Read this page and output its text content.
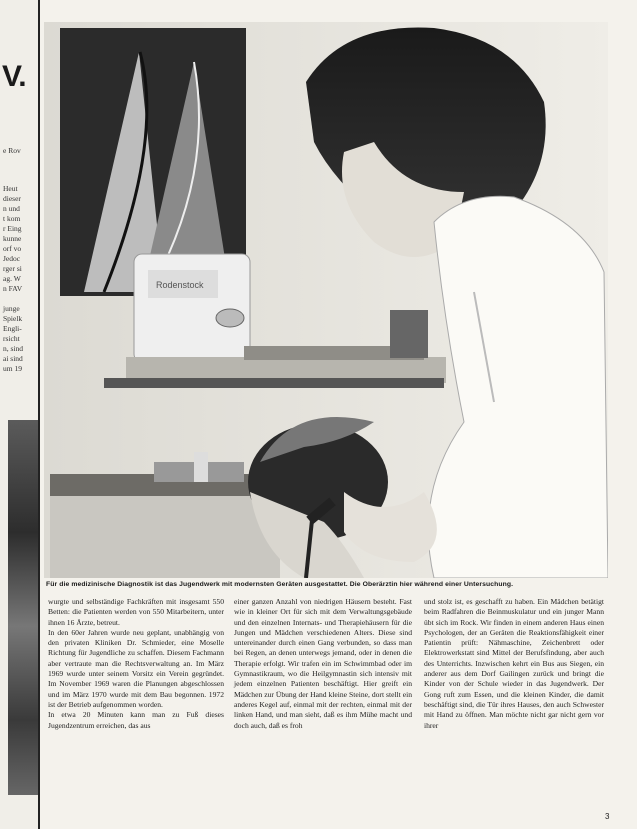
V.
e Rov
Heut
dieser
n und
t kom
r Eing
kunne
orf vo
Jedoc
rger si
ag. W
n FAV
junge
Spielk
Engli-
rsicht
n, sind
ai sind
um 19
Rodenstock
Für die medizinische Diagnostik ist das Jugendwerk mit modernsten Geräten ausgestattet. Die Oberärztin hier während einer Untersuchung.

wurgte und selbständige Fachkräften mit insgesamt 550 Betten: die Patienten werden von 550 Mitarbeitern, unter ihnen 16 Ärzte, betreut.

In den 60er Jahren wurde neu geplant, unabhängig von den privaten Kliniken Dr. Schmieder, eine Moselle Richtung für Jugendliche zu schaffen. Diesem Fachmann aber vertraute man die Rechtsverwaltung an. Im März 1969 wurde unter seinem Vorsitz ein Verein gegründet. Im November 1969 waren die Planungen abgeschlossen und im März 1970 wurde mit dem Bau begonnen. 1972 ist der Betrieb aufgenommen worden.

In etwa 20 Minuten kann man zu Fuß dieses Jugendzentrum erreichen, das aus

einer ganzen Anzahl von niedrigen Häusern besteht. Fast wie in kleiner Ort für sich mit dem Verwaltungsgebäude und den einzelnen Internats- und Therapiehäusern für die Jungen und Mädchen verschiedenen Alters. Diese sind untereinander durch einen Gang verbunden, so dass man bei Regen, an denen unterwegs jemand, oder in denen die Therapie erfolgt. Wir trafen ein im Schwimmbad oder im Gymnastikraum, wo die Heilgymnastin sich intensiv mit jedem einzelnen Patienten beschäftigt. Hier greift ein Mädchen zur Übung der Hand kleine Steine, dort stellt ein anderes Kegel auf, einmal mit der rechten, einmal mit der linken Hand, und man sieht, daß es ihm Mühe macht und doch auch, daß es froh

und stolz ist, es geschafft zu haben. Ein Mädchen betätigt beim Radfahren die Beinmuskulatur und ein junger Mann übt sich im Rock. Wir finden in einem anderen Haus einen Psychologen, der an Geräten die Reaktionsfähigkeit einer Patientin prüft: Nähmaschine, Zeichenbrett oder Elektrowerkstatt sind Mittel der Berufsfindung, aber auch des Unterrichts. Inzwischen kehrt ein Bus aus Siegen, ein anderer aus dem Dorf Gailingen zurück und bringt die Kinder von der Schule wieder in das Jugendwerk. Der Gong ruft zum Essen, und die kleinen Kinder, die damit beschäftigt sind, die Tür ihres Hauses, den auch Schwester mit Hand zu öffnen. Man möchte nicht gar nicht gern vor ihrer

3
